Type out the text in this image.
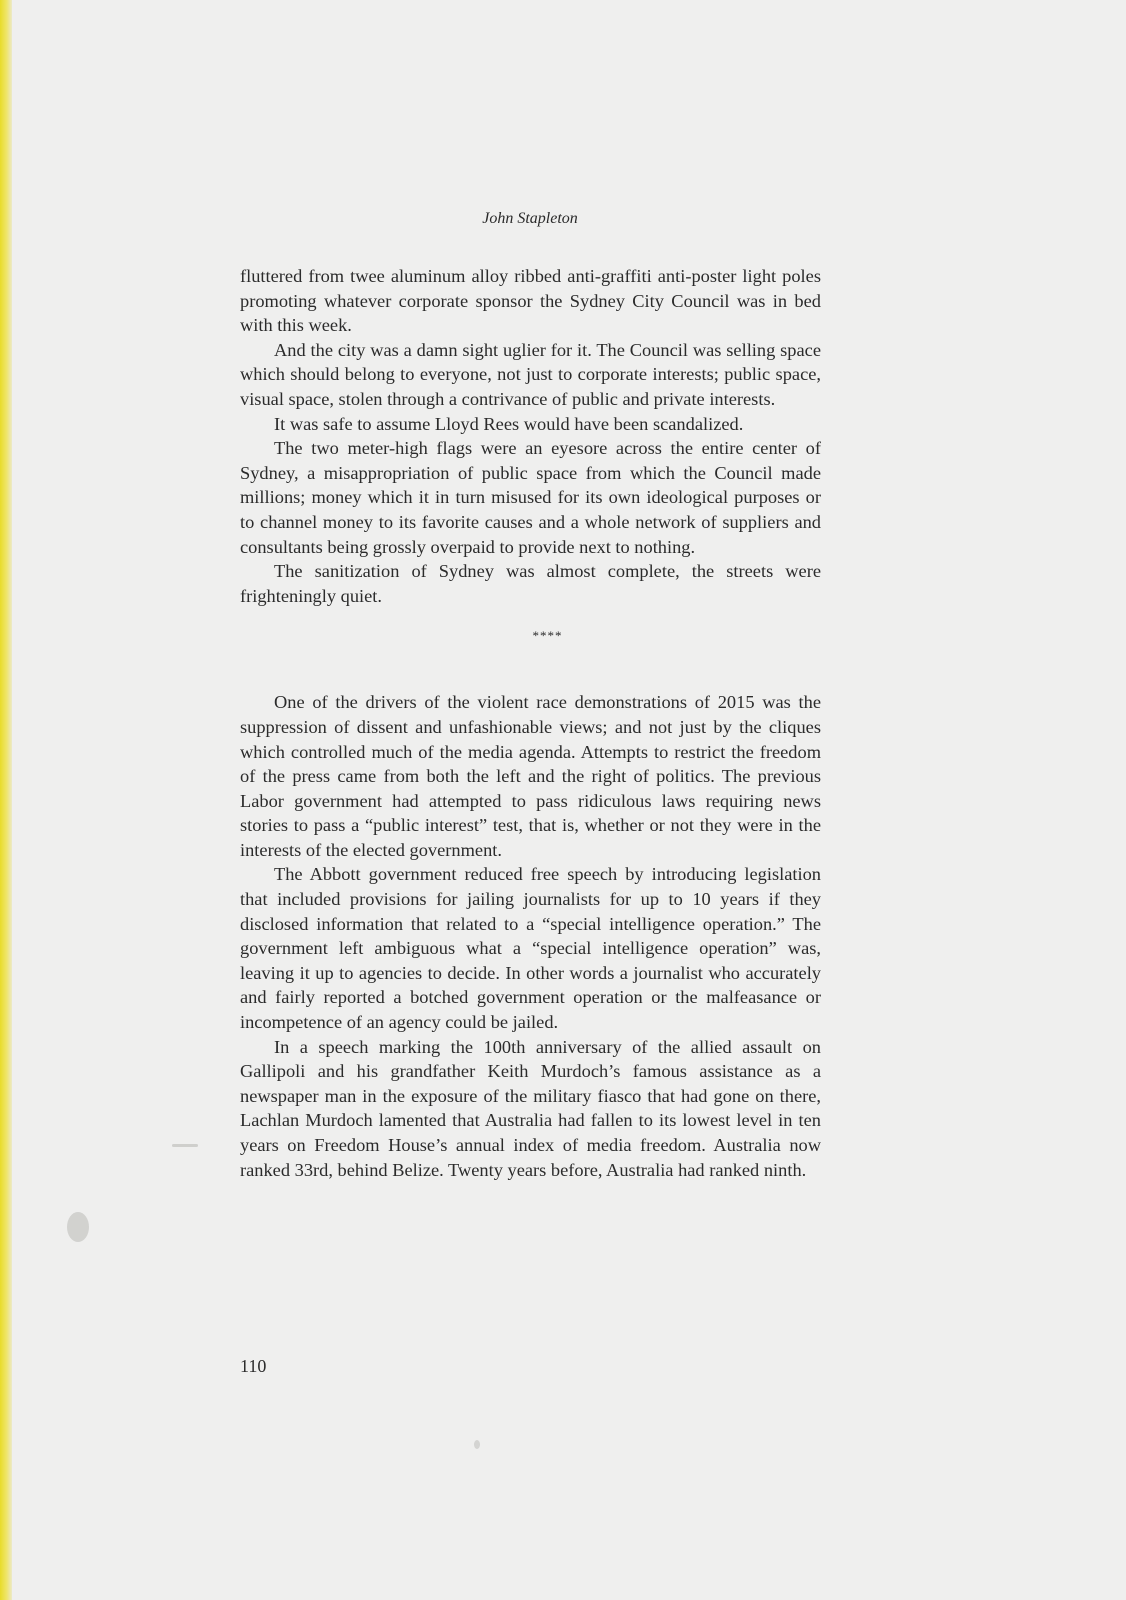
John Stapleton

fluttered from twee aluminum alloy ribbed anti-graffiti anti-poster light poles promoting whatever corporate sponsor the Sydney City Council was in bed with this week.

And the city was a damn sight uglier for it. The Council was selling space which should belong to everyone, not just to corporate interests; public space, visual space, stolen through a contrivance of public and private interests.

It was safe to assume Lloyd Rees would have been scandalized.

The two meter-high flags were an eyesore across the entire center of Sydney, a misappropriation of public space from which the Council made millions; money which it in turn misused for its own ideological purposes or to channel money to its favorite causes and a whole network of suppliers and consultants being grossly overpaid to provide next to nothing.

The sanitization of Sydney was almost complete, the streets were frighteningly quiet.

****

One of the drivers of the violent race demonstrations of 2015 was the suppression of dissent and unfashionable views; and not just by the cliques which controlled much of the media agenda. Attempts to restrict the freedom of the press came from both the left and the right of politics. The previous Labor government had attempted to pass ridiculous laws requiring news stories to pass a “public interest” test, that is, whether or not they were in the interests of the elected government.

The Abbott government reduced free speech by introducing legislation that included provisions for jailing journalists for up to 10 years if they disclosed information that related to a “special intelligence operation.” The government left ambiguous what a “special intelligence operation” was, leaving it up to agencies to decide. In other words a journalist who accurately and fairly reported a botched government operation or the malfeasance or incompetence of an agency could be jailed.

In a speech marking the 100th anniversary of the allied assault on Gallipoli and his grandfather Keith Murdoch’s famous assistance as a newspaper man in the exposure of the military fiasco that had gone on there, Lachlan Murdoch lamented that Australia had fallen to its lowest level in ten years on Freedom House’s annual index of media freedom. Australia now ranked 33rd, behind Belize. Twenty years before, Australia had ranked ninth.

110
